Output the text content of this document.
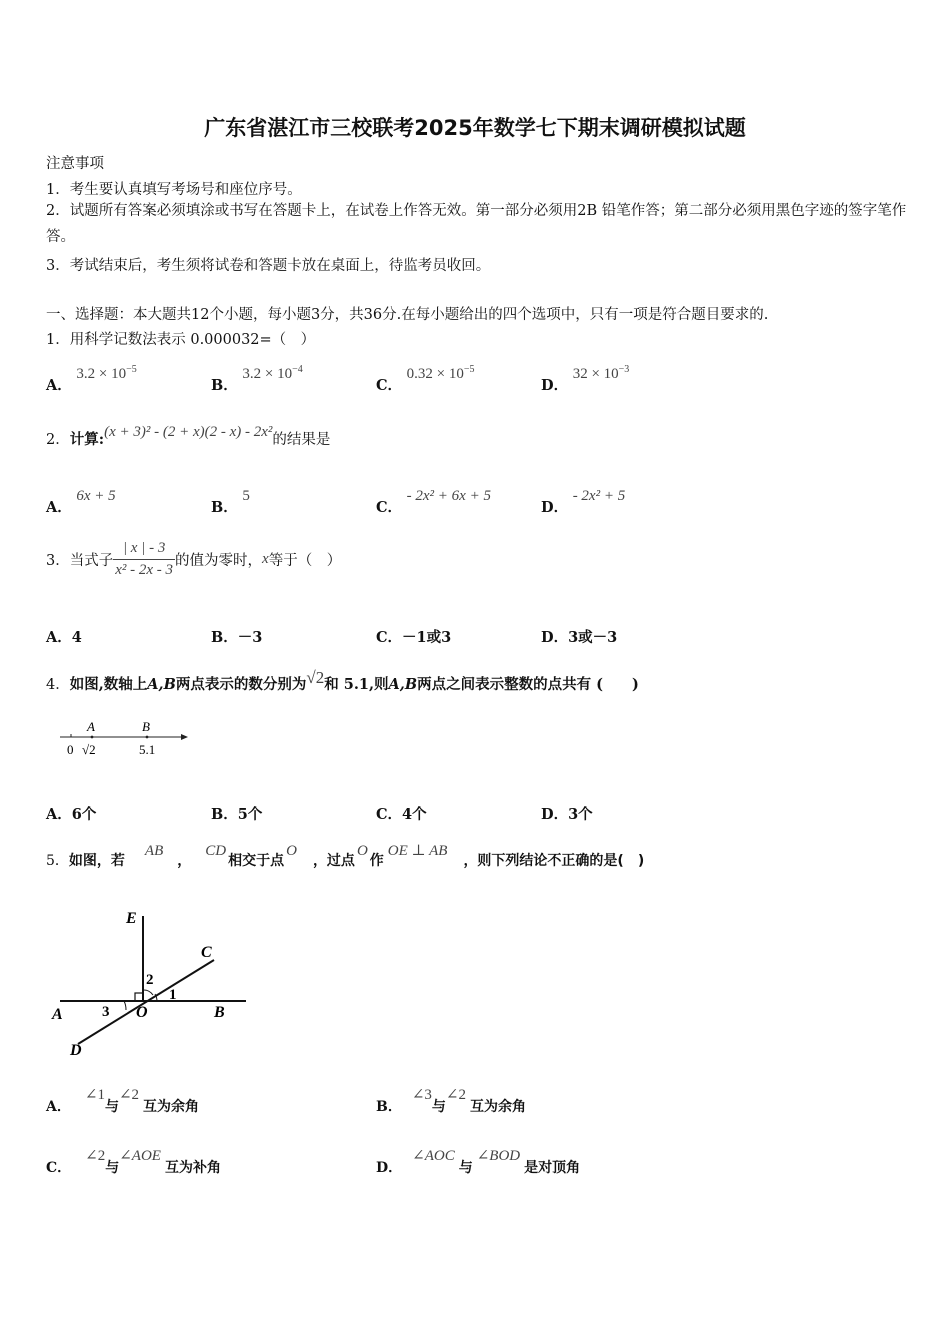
广东省湛江市三校联考2025年数学七下期末调研模拟试题
注意事项
1．考生要认真填写考场号和座位序号。
2．试题所有答案必须填涂或书写在答题卡上，在试卷上作答无效。第一部分必须用2B 铅笔作答；第二部分必须用黑色字迹的签字笔作答。
3．考试结束后，考生须将试卷和答题卡放在桌面上，待监考员收回。
一、选择题：本大题共12个小题，每小题3分，共36分.在每小题给出的四个选项中，只有一项是符合题目要求的.
1．用科学记数法表示 0.000032=（　）
A． $3.2 \times 10^{-5}$
B． $3.2 \times 10^{-4}$
C． $0.32 \times 10^{-5}$
D． $32 \times 10^{-3}$
2．计算:(x + 3)² - (2 + x)(2 - x) - 2x²的结果是
A． 6x + 5
B． 5
C． - 2x² + 6x + 5
D． - 2x² + 5
3．当式子 $\frac{| x | - 3}{\text{x² - 2x - 3}}$ 的值为零时，x等于（　）
A．4	B．－3	C．－1或3	D．3或－3
4．如图,数轴上A,B两点表示的数分别为√2和 5.1,则A,B两点之间表示整数的点共有 (　　)
A	B
0 √2	5.1
A．6个	B．5个	C．4个	D．3个
5．如图，若AB，CD相交于点O，过点O作OE ⊥ AB，则下列结论不正确的是(　)
E
C
A	B
O
D
1
2
3
A．∠1与∠2互为余角	B．∠3与∠2互为余角
C．∠2与∠AOE互为补角	D．∠AOC与∠BOD是对顶角
